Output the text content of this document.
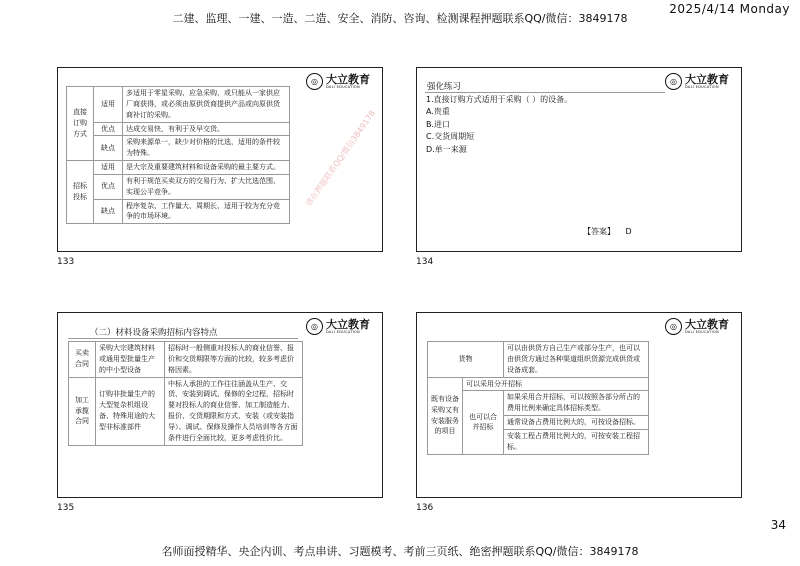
二建、监理、一建、一造、二造、安全、消防、咨询、检测课程押题联系QQ/微信：3849178
2025/4/14 Monday
名师面授精华、央企内训、考点串讲、习题模考、考前三页纸、绝密押题联系QQ/微信：3849178
34
◎ 大立教育
DALI EDUCATION
直接订购方式	适用	多适用于零星采购、应急采购，或只能从一家供应厂商获得，或必须由原供货商提供产品或向原供货商补订的采购。
	优点	达成交易快，有利于及早交货。
	缺点	采购来源单一，缺少对价格的比选，适用的条件较为特殊。
招标投标	适用	是大宗及重要建筑材料和设备采购的最主要方式。
	优点	有利于规范买卖双方的交易行为、扩大比选范围、实现公平竞争。
	缺点	程序复杂、工作量大、周期长、适用于较为充分竞争的市场环境。
请在押题联系QQ/微信3849178
133
◎ 大立教育
DALI EDUCATION
强化练习
1.直接订购方式适用于采购（ ）的设备。
A.贵重
B.进口
C.交货周期短
D.单一来源
【答案】 D
134
◎ 大立教育
DALI EDUCATION
（二）材料设备采购招标内容特点
买卖合同	采购大宗建筑材料或通用型批量生产的中小型设备	招标时一般侧重对投标人的商业信誉、报价和交货期限等方面的比较，较多考虑价格因素。
加工承揽合同	订购非批量生产的大型复杂机组设备、特殊用途的大型非标准部件	中标人承担的工作往往涵盖从生产、交货、安装到调试、保修的全过程，招标时要对投标人的商业信誉、加工制造能力、报价、交货期限和方式、安装（或安装指导）、调试、保修及操作人员培训等各方面条件进行全面比较，更多考虑性价比。
135
◎ 大立教育
DALI EDUCATION
货物		可以由供货方自己生产或部分生产，也可以由供货方通过各种渠道组织货源完成供货或设备成套。
既有设备采购又有安装服务的项目	可以采用分开招标	
	也可以合并招标	如果采用合并招标，可以按照各部分所占的费用比例来确定具体招标类型。
		通常设备占费用比例大的，可按设备招标。
		安装工程占费用比例大的，可按安装工程招标。
136
